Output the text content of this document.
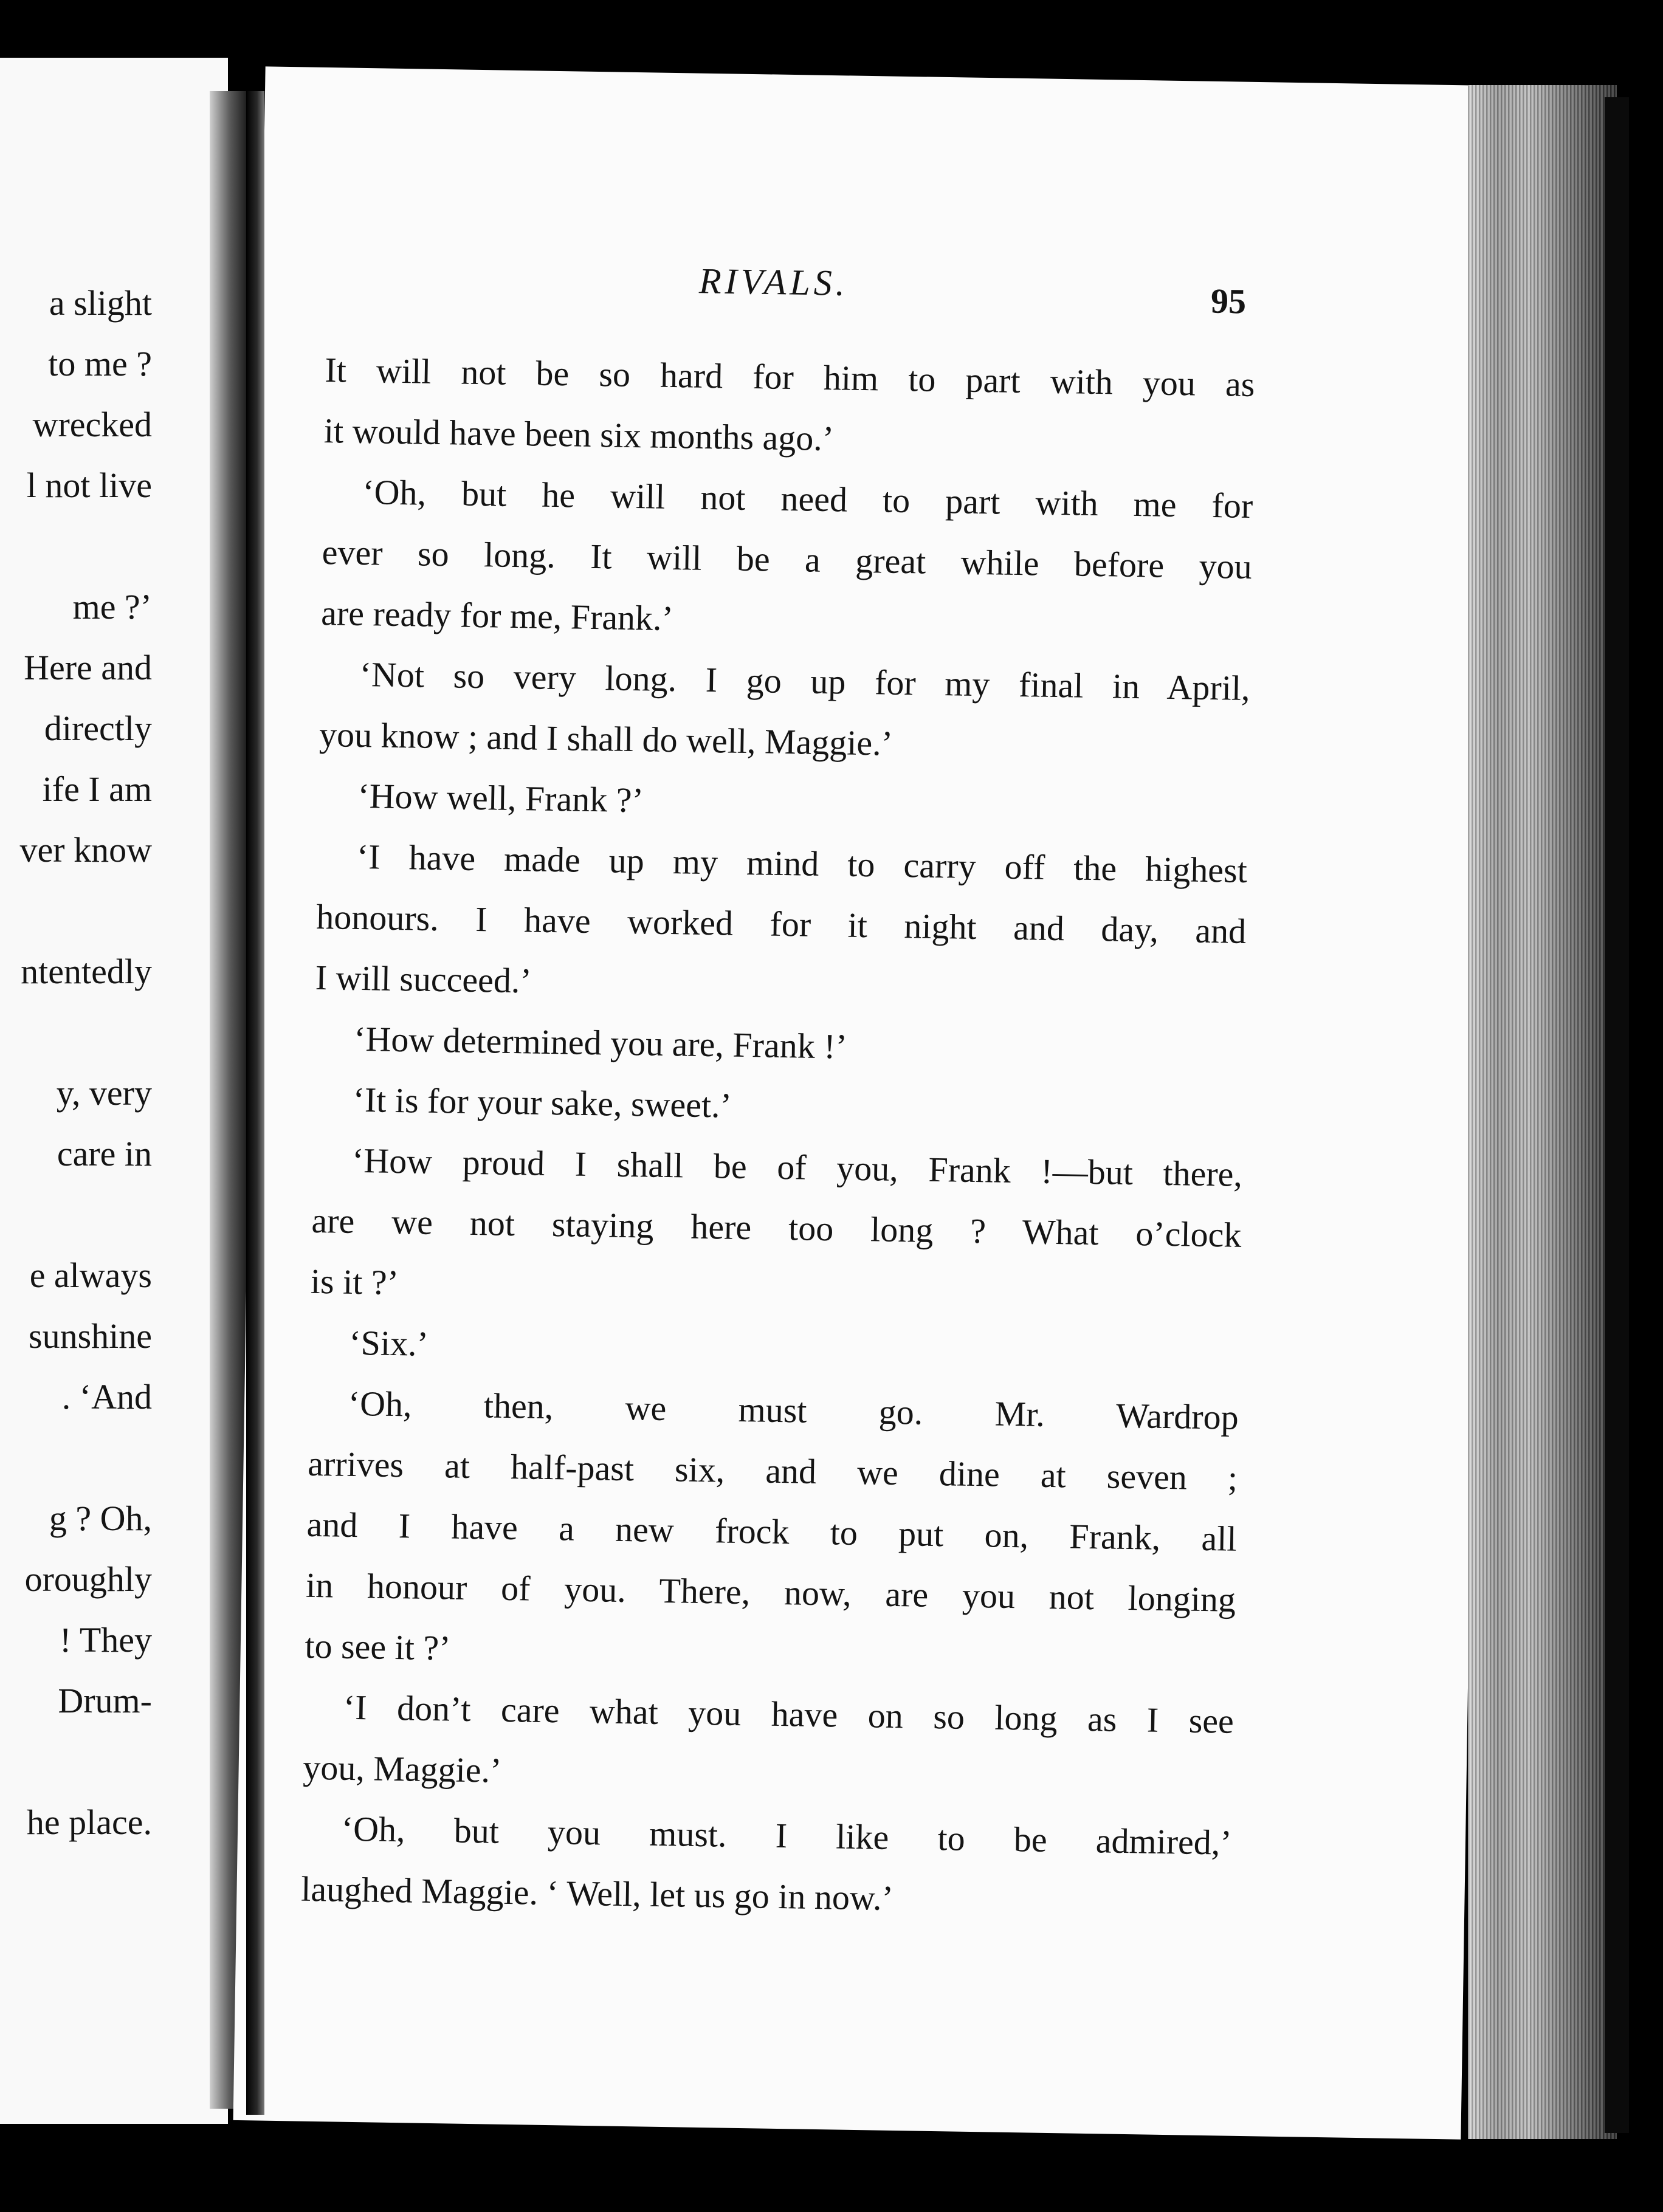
a slight
to me ?
wrecked
l not live
me ?’
Here and
directly
ife I am
ver know
ntentedly
y, very
care in
e always
sunshine
. ‘And
g ? Oh,
oroughly
! They
Drum-
he place.
RIVALS.	95
It will not be so hard for him to part with you as
it would have been six months ago.’
‘Oh, but he will not need to part with me for
ever so long. It will be a great while before you
are ready for me, Frank.’
‘Not so very long. I go up for my final in April,
you know ; and I shall do well, Maggie.’
‘How well, Frank ?’
‘I have made up my mind to carry off the highest
honours. I have worked for it night and day, and
I will succeed.’
‘How determined you are, Frank !’
‘It is for your sake, sweet.’
‘How proud I shall be of you, Frank !—but there,
are we not staying here too long ? What o’clock
is it ?’
‘Six.’
‘Oh, then, we must go. Mr. Wardrop
arrives at half-past six, and we dine at seven ;
and I have a new frock to put on, Frank, all
in honour of you. There, now, are you not longing
to see it ?’
‘I don’t care what you have on so long as I see
you, Maggie.’
‘Oh, but you must. I like to be admired,’
laughed Maggie. ‘ Well, let us go in now.’
